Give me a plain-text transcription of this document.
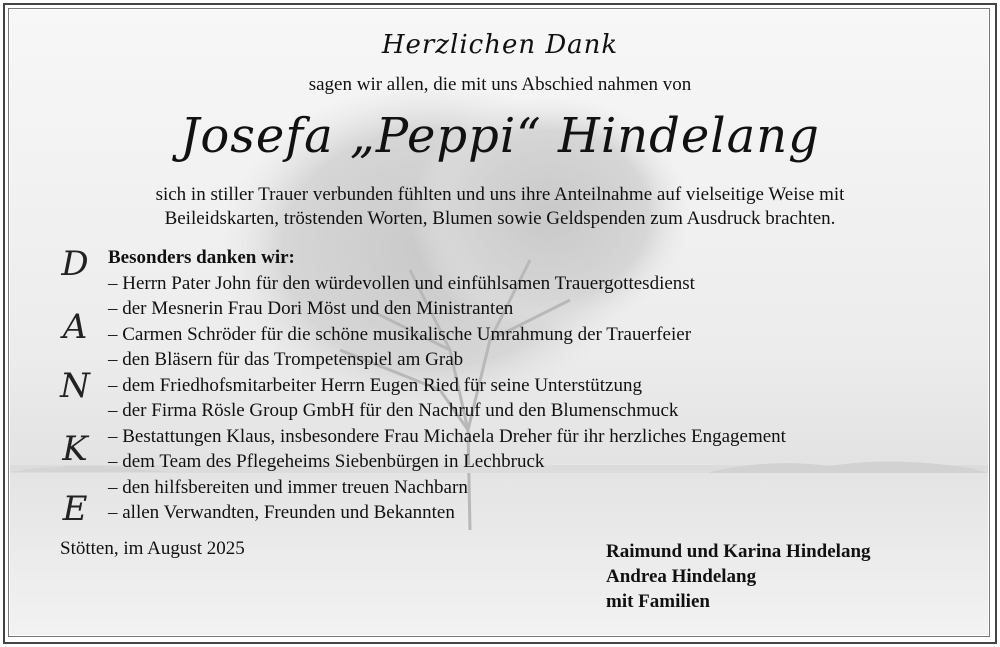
Herzlichen Dank
sagen wir allen, die mit uns Abschied nahmen von
Josefa „Peppi“ Hindelang
sich in stiller Trauer verbunden fühlten und uns ihre Anteilnahme auf vielseitige Weise mit
Beileidskarten, tröstenden Worten, Blumen sowie Geldspenden zum Ausdruck brachten.
D
A
N
K
E
Besonders danken wir:
– Herrn Pater John für den würdevollen und einfühlsamen Trauergottesdienst
– der Mesnerin Frau Dori Möst und den Ministranten
– Carmen Schröder für die schöne musikalische Umrahmung der Trauerfeier
– den Bläsern für das Trompetenspiel am Grab
– dem Friedhofsmitarbeiter Herrn Eugen Ried für seine Unterstützung
– der Firma Rösle Group GmbH für den Nachruf und den Blumenschmuck
– Bestattungen Klaus, insbesondere Frau Michaela Dreher für ihr herzliches Engagement
– dem Team des Pflegeheims Siebenbürgen in Lechbruck
– den hilfsbereiten und immer treuen Nachbarn
– allen Verwandten, Freunden und Bekannten
Stötten, im August 2025	Raimund und Karina Hindelang
Andrea Hindelang
mit Familien
